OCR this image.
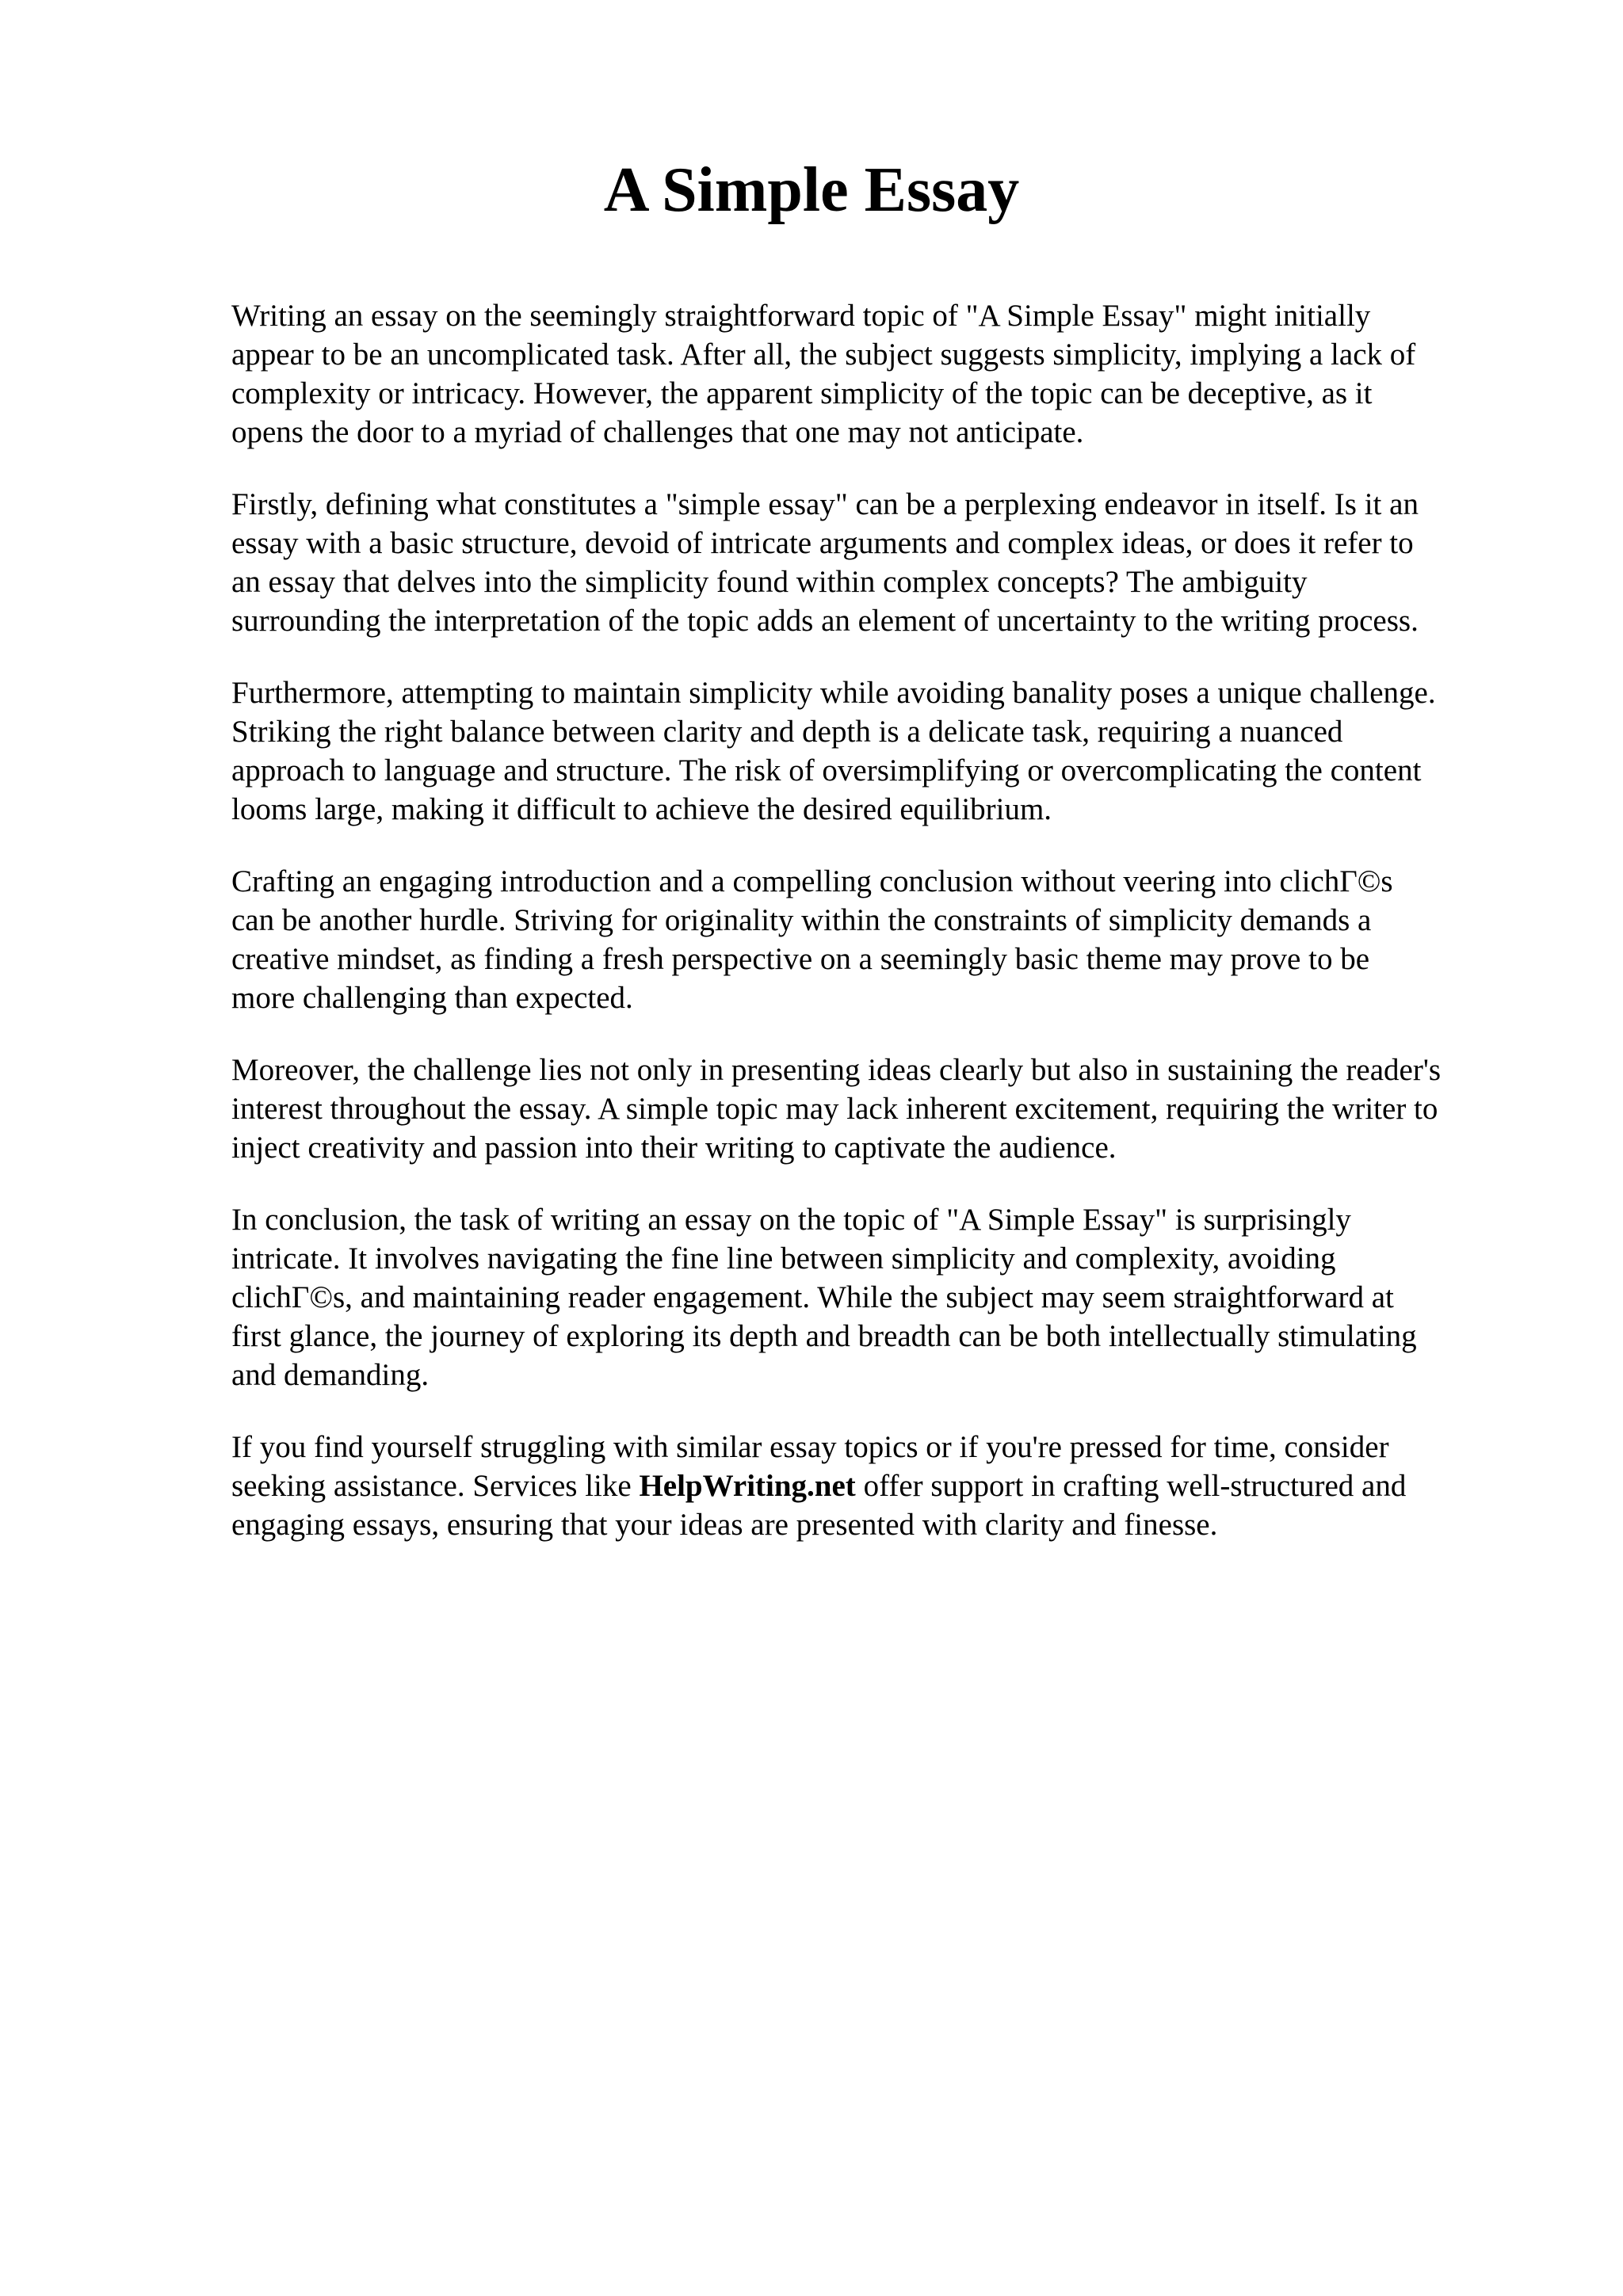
A Simple Essay

Writing an essay on the seemingly straightforward topic of "A Simple Essay" might initially
appear to be an uncomplicated task. After all, the subject suggests simplicity, implying a lack of
complexity or intricacy. However, the apparent simplicity of the topic can be deceptive, as it
opens the door to a myriad of challenges that one may not anticipate.

Firstly, defining what constitutes a "simple essay" can be a perplexing endeavor in itself. Is it an
essay with a basic structure, devoid of intricate arguments and complex ideas, or does it refer to
an essay that delves into the simplicity found within complex concepts? The ambiguity
surrounding the interpretation of the topic adds an element of uncertainty to the writing process.

Furthermore, attempting to maintain simplicity while avoiding banality poses a unique challenge.
Striking the right balance between clarity and depth is a delicate task, requiring a nuanced
approach to language and structure. The risk of oversimplifying or overcomplicating the content
looms large, making it difficult to achieve the desired equilibrium.

Crafting an engaging introduction and a compelling conclusion without veering into clichΓ©s
can be another hurdle. Striving for originality within the constraints of simplicity demands a
creative mindset, as finding a fresh perspective on a seemingly basic theme may prove to be
more challenging than expected.

Moreover, the challenge lies not only in presenting ideas clearly but also in sustaining the reader's
interest throughout the essay. A simple topic may lack inherent excitement, requiring the writer to
inject creativity and passion into their writing to captivate the audience.

In conclusion, the task of writing an essay on the topic of "A Simple Essay" is surprisingly
intricate. It involves navigating the fine line between simplicity and complexity, avoiding
clichΓ©s, and maintaining reader engagement. While the subject may seem straightforward at
first glance, the journey of exploring its depth and breadth can be both intellectually stimulating
and demanding.

If you find yourself struggling with similar essay topics or if you're pressed for time, consider
seeking assistance. Services like HelpWriting.net offer support in crafting well-structured and
engaging essays, ensuring that your ideas are presented with clarity and finesse.
